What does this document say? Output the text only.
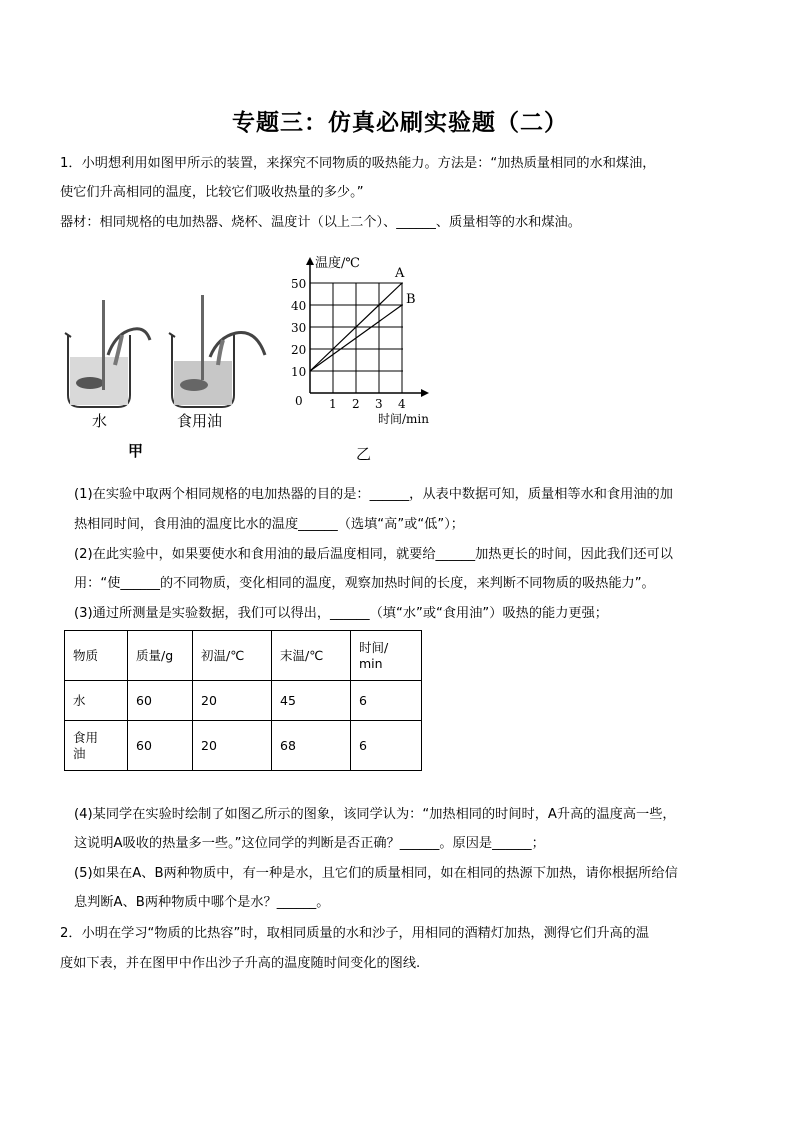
专题三：仿真必刷实验题（二）
1．小明想利用如图甲所示的装置，来探究不同物质的吸热能力。方法是：“加热质量相同的水和煤油，
使它们升高相同的温度，比较它们吸收热量的多少。”
器材：相同规格的电加热器、烧杯、温度计（以上二个）、______、质量相等的水和煤油。
水	食用油
甲
温度/℃
A
B
时间/min
0
10
20
30
40
50
1 2 3 4
乙
(1)在实验中取两个相同规格的电加热器的目的是：______，从表中数据可知，质量相等水和食用油的加
热相同时间，食用油的温度比水的温度______（选填“高”或“低”）；
(2)在此实验中，如果要使水和食用油的最后温度相同，就要给______加热更长的时间，因此我们还可以
用：“使______的不同物质，变化相同的温度，观察加热时间的长度，来判断不同物质的吸热能力”。
(3)通过所测量是实验数据，我们可以得出，______（填“水”或“食用油”）吸热的能力更强；
物质	质量/g	初温/℃	末温/℃	时间/
min
水	60	20	45	6
食用
油	60	20	68	6
(4)某同学在实验时绘制了如图乙所示的图象，该同学认为：“加热相同的时间时，A升高的温度高一些，
这说明A吸收的热量多一些。”这位同学的判断是否正确？______。原因是______；
(5)如果在A、B两种物质中，有一种是水，且它们的质量相同，如在相同的热源下加热，请你根据所给信
息判断A、B两种物质中哪个是水？______。
2．小明在学习“物质的比热容”时，取相同质量的水和沙子，用相同的酒精灯加热，测得它们升高的温
度如下表，并在图甲中作出沙子升高的温度随时间变化的图线.
